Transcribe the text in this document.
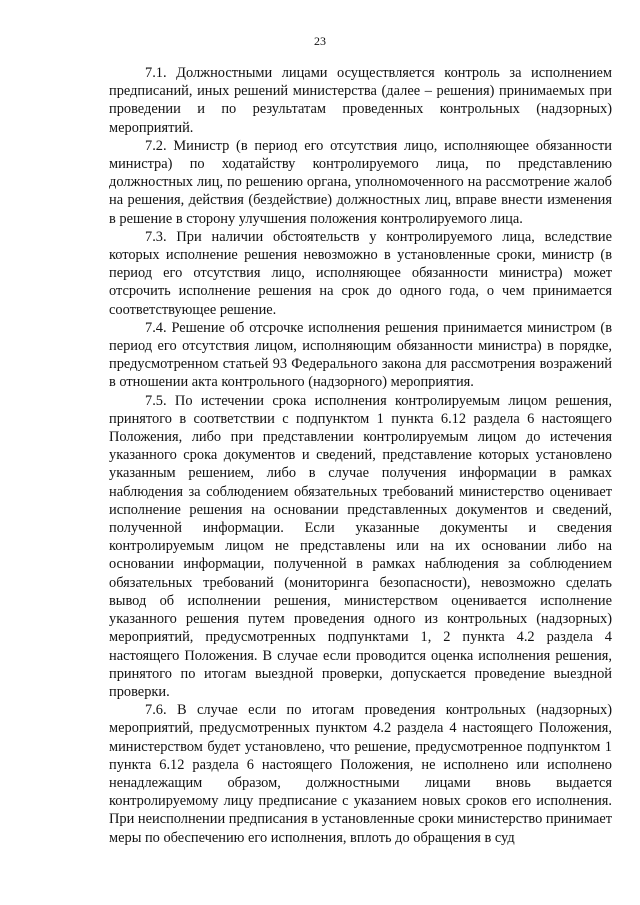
23

7.1. Должностными лицами осуществляется контроль за исполнением предписаний, иных решений министерства (далее – решения) принимаемых при проведении и по результатам проведенных контрольных (надзорных) мероприятий.

7.2. Министр (в период его отсутствия лицо, исполняющее обязанности министра) по ходатайству контролируемого лица, по представлению должностных лиц, по решению органа, уполномоченного на рассмотрение жалоб на решения, действия (бездействие) должностных лиц, вправе внести изменения в решение в сторону улучшения положения контролируемого лица.

7.3. При наличии обстоятельств у контролируемого лица, вследствие которых исполнение решения невозможно в установленные сроки, министр (в период его отсутствия лицо, исполняющее обязанности министра) может отсрочить исполнение решения на срок до одного года, о чем принимается соответствующее решение.

7.4. Решение об отсрочке исполнения решения принимается министром (в период его отсутствия лицом, исполняющим обязанности министра) в порядке, предусмотренном статьей 93 Федерального закона для рассмотрения возражений в отношении акта контрольного (надзорного) мероприятия.

7.5. По истечении срока исполнения контролируемым лицом решения, принятого в соответствии с подпунктом 1 пункта 6.12 раздела 6 настоящего Положения, либо при представлении контролируемым лицом до истечения указанного срока документов и сведений, представление которых установлено указанным решением, либо в случае получения информации в рамках наблюдения за соблюдением обязательных требований министерство оценивает исполнение решения на основании представленных документов и сведений, полученной информации. Если указанные документы и сведения контролируемым лицом не представлены или на их основании либо на основании информации, полученной в рамках наблюдения за соблюдением обязательных требований (мониторинга безопасности), невозможно сделать вывод об исполнении решения, министерством оценивается исполнение указанного решения путем проведения одного из контрольных (надзорных) мероприятий, предусмотренных подпунктами 1, 2 пункта 4.2 раздела 4 настоящего Положения. В случае если проводится оценка исполнения решения, принятого по итогам выездной проверки, допускается проведение выездной проверки.

7.6. В случае если по итогам проведения контрольных (надзорных) мероприятий, предусмотренных пунктом 4.2 раздела 4 настоящего Положения, министерством будет установлено, что решение, предусмотренное подпунктом 1 пункта 6.12 раздела 6 настоящего Положения, не исполнено или исполнено ненадлежащим образом, должностными лицами вновь выдается контролируемому лицу предписание с указанием новых сроков его исполнения. При неисполнении предписания в установленные сроки министерство принимает меры по обеспечению его исполнения, вплоть до обращения в суд
